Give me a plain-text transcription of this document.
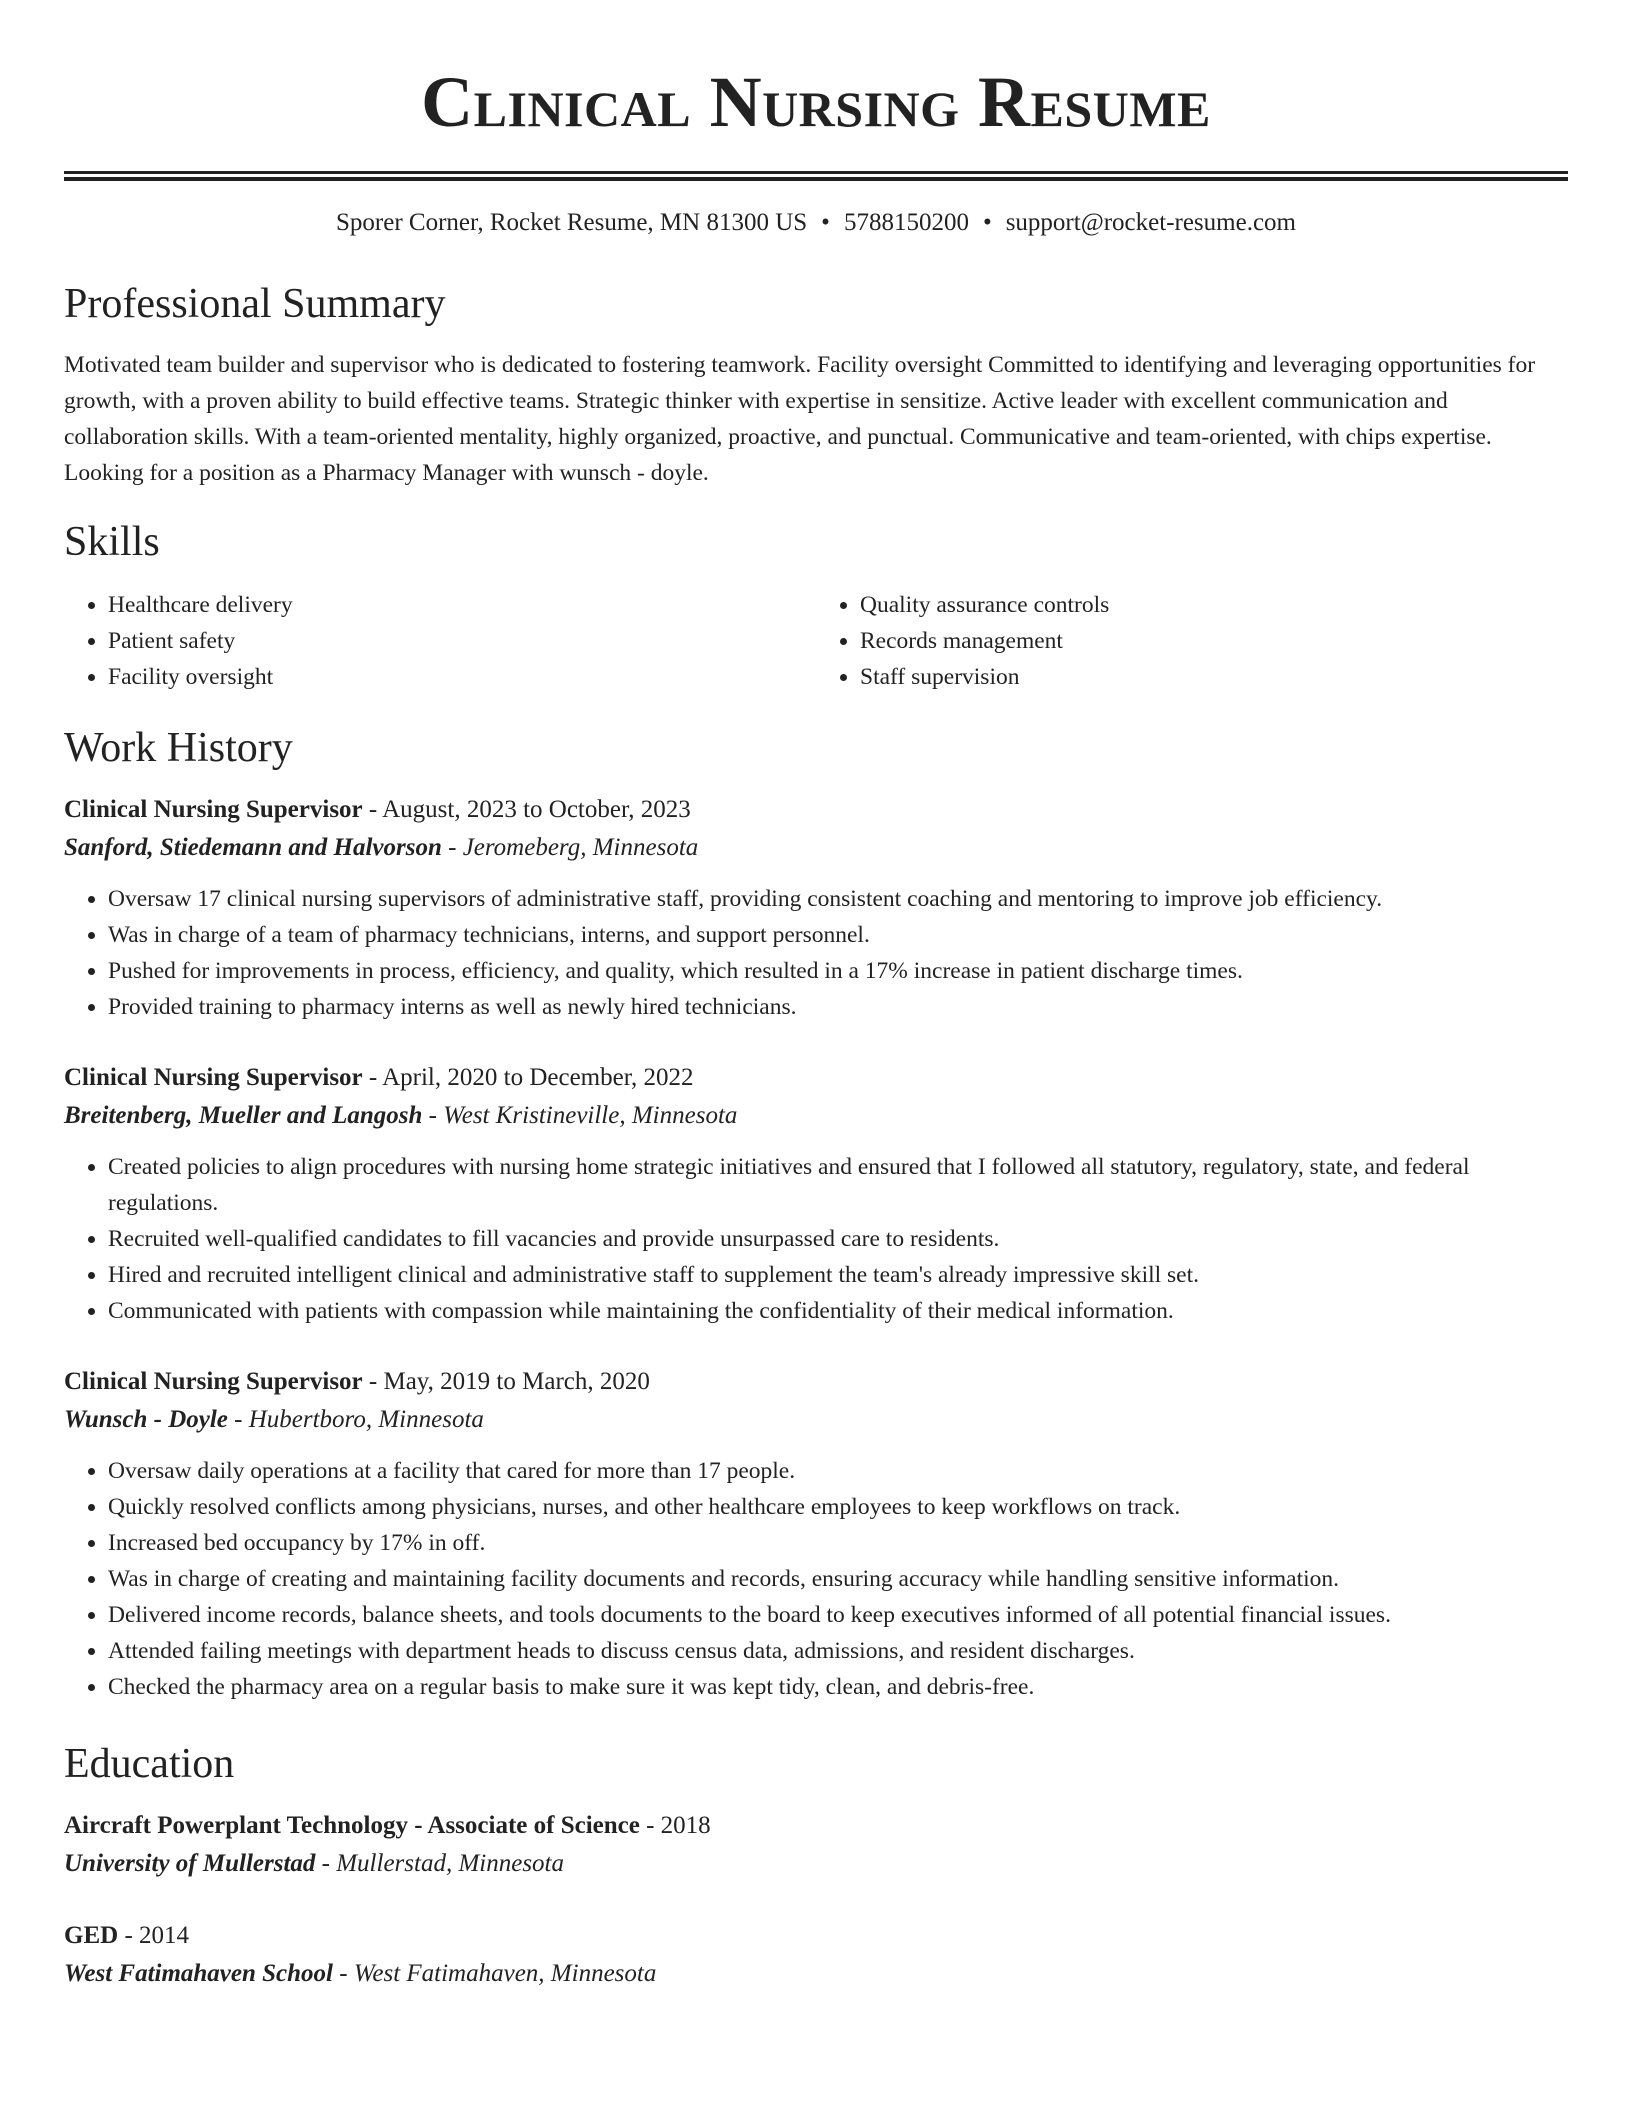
Clinical Nursing Resume
Sporer Corner, Rocket Resume, MN 81300 US • 5788150200 • support@rocket-resume.com
Professional Summary

Motivated team builder and supervisor who is dedicated to fostering teamwork. Facility oversight Committed to identifying and leveraging opportunities for growth, with a proven ability to build effective teams. Strategic thinker with expertise in sensitize. Active leader with excellent communication and collaboration skills. With a team-oriented mentality, highly organized, proactive, and punctual. Communicative and team-oriented, with chips expertise. Looking for a position as a Pharmacy Manager with wunsch - doyle.

Skills
• Healthcare delivery
• Patient safety
• Facility oversight
• Quality assurance controls
• Records management
• Staff supervision
Work History
Clinical Nursing Supervisor - August, 2023 to October, 2023
Sanford, Stiedemann and Halvorson - Jeromeberg, Minnesota
• Oversaw 17 clinical nursing supervisors of administrative staff, providing consistent coaching and mentoring to improve job efficiency.
• Was in charge of a team of pharmacy technicians, interns, and support personnel.
• Pushed for improvements in process, efficiency, and quality, which resulted in a 17% increase in patient discharge times.
• Provided training to pharmacy interns as well as newly hired technicians.
Clinical Nursing Supervisor - April, 2020 to December, 2022
Breitenberg, Mueller and Langosh - West Kristineville, Minnesota
• Created policies to align procedures with nursing home strategic initiatives and ensured that I followed all statutory, regulatory, state, and federal regulations.
• Recruited well-qualified candidates to fill vacancies and provide unsurpassed care to residents.
• Hired and recruited intelligent clinical and administrative staff to supplement the team's already impressive skill set.
• Communicated with patients with compassion while maintaining the confidentiality of their medical information.
Clinical Nursing Supervisor - May, 2019 to March, 2020
Wunsch - Doyle - Hubertboro, Minnesota
• Oversaw daily operations at a facility that cared for more than 17 people.
• Quickly resolved conflicts among physicians, nurses, and other healthcare employees to keep workflows on track.
• Increased bed occupancy by 17% in off.
• Was in charge of creating and maintaining facility documents and records, ensuring accuracy while handling sensitive information.
• Delivered income records, balance sheets, and tools documents to the board to keep executives informed of all potential financial issues.
• Attended failing meetings with department heads to discuss census data, admissions, and resident discharges.
• Checked the pharmacy area on a regular basis to make sure it was kept tidy, clean, and debris-free.
Education
Aircraft Powerplant Technology - Associate of Science - 2018
University of Mullerstad - Mullerstad, Minnesota
GED - 2014
West Fatimahaven School - West Fatimahaven, Minnesota
